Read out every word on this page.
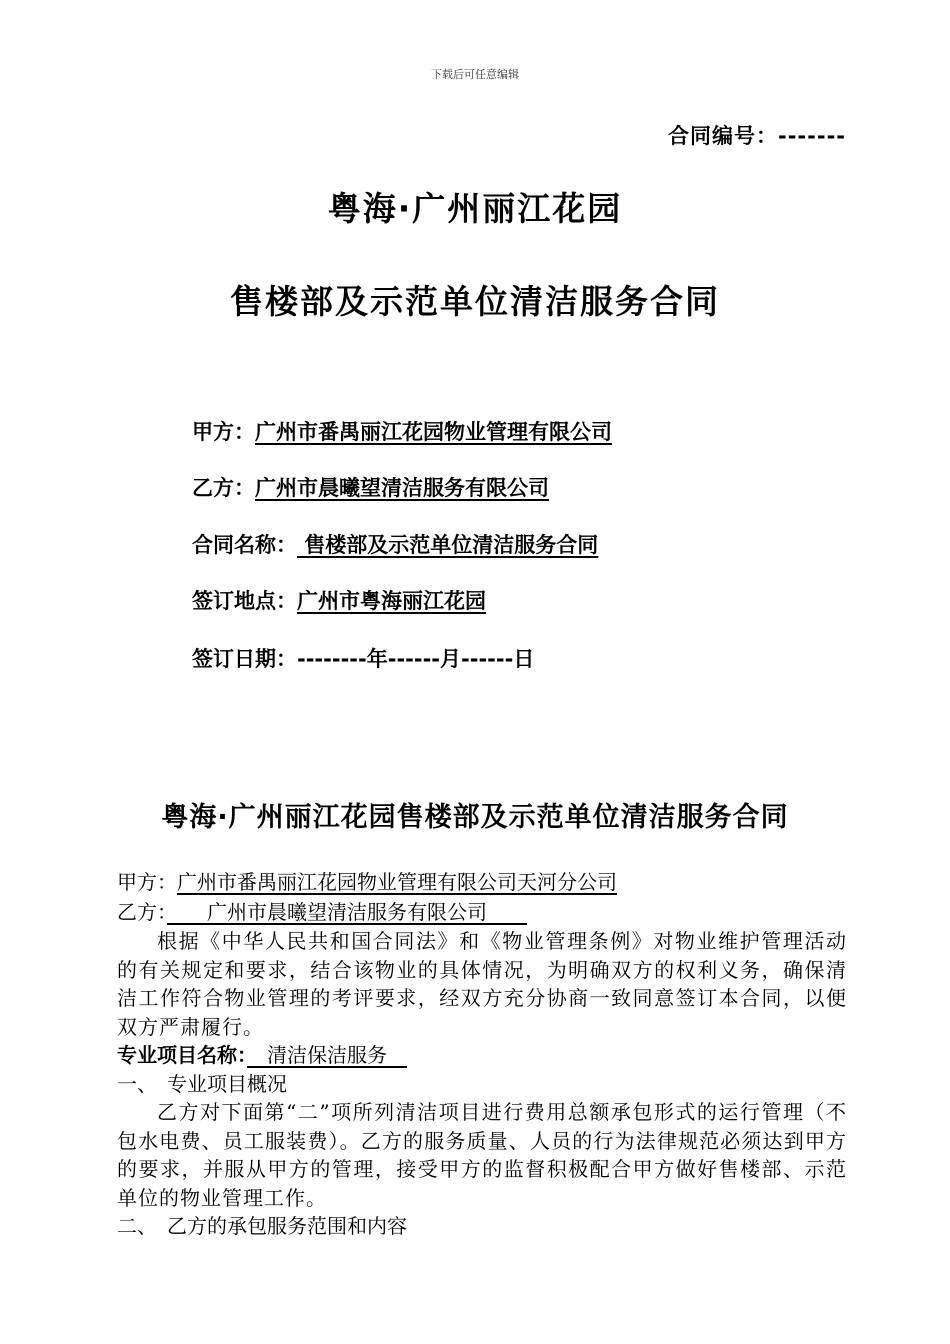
下载后可任意编辑
合同编号：-------
粤海·广州丽江花园
售楼部及示范单位清洁服务合同
甲方：广州市番禺丽江花园物业管理有限公司
乙方：广州市晨曦望清洁服务有限公司
合同名称： 售楼部及示范单位清洁服务合同
签订地点：广州市粤海丽江花园
签订日期：--------年------月------日
粤海·广州丽江花园售楼部及示范单位清洁服务合同
甲方：广州市番禺丽江花园物业管理有限公司天河分公司
乙方：　　广州市晨曦望清洁服务有限公司　　
根据《中华人民共和国合同法》和《物业管理条例》对物业维护管理活动的有关规定和要求，结合该物业的具体情况，为明确双方的权利义务，确保清洁工作符合物业管理的考评要求，经双方充分协商一致同意签订本合同，以便双方严肃履行。
专业项目名称：　清洁保洁服务　
一、　专业项目概况
乙方对下面第“二”项所列清洁项目进行费用总额承包形式的运行管理（不包水电费、员工服装费）。乙方的服务质量、人员的行为法律规范必须达到甲方的要求，并服从甲方的管理，接受甲方的监督积极配合甲方做好售楼部、示范单位的物业管理工作。
二、　乙方的承包服务范围和内容
